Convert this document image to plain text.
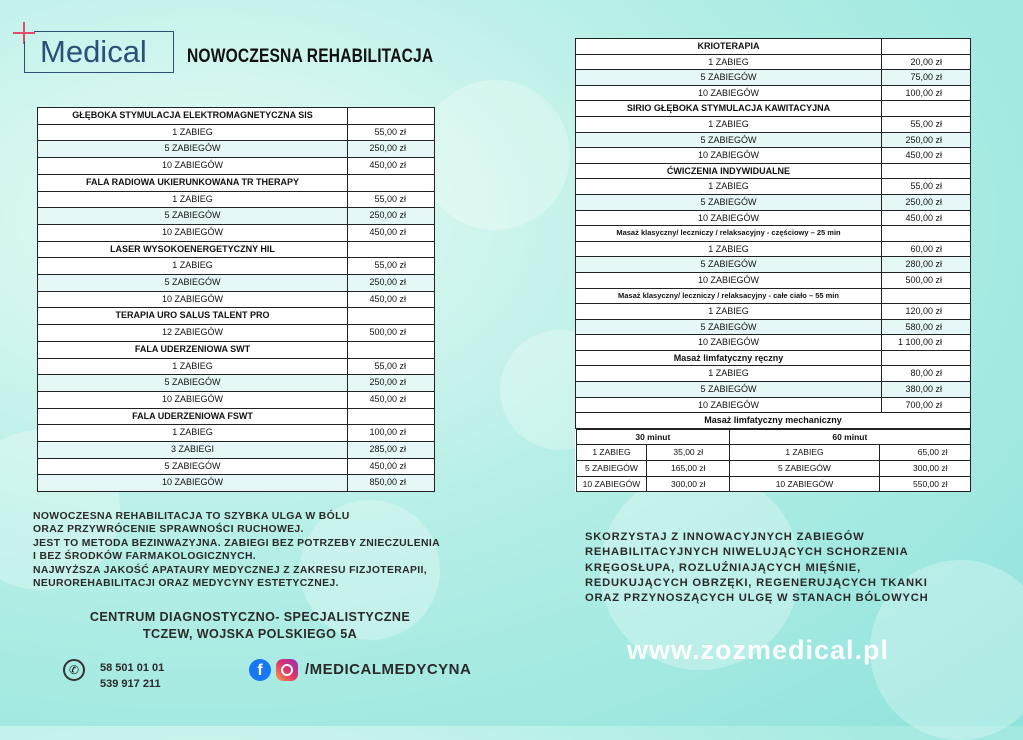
Medical NOWOCZESNA REHABILITACJA
GŁĘBOKA STYMULACJA ELEKTROMAGNETYCZNA SIS	
1 ZABIEG	55,00 zł
5 ZABIEGÓW	250,00 zł
10 ZABIEGÓW	450,00 zł
FALA RADIOWA UKIERUNKOWANA TR THERAPY	
1 ZABIEG	55,00 zł
5 ZABIEGÓW	250,00 zł
10 ZABIEGÓW	450,00 zł
LASER WYSOKOENERGETYCZNY HIL	
1 ZABIEG	55,00 zł
5 ZABIEGÓW	250,00 zł
10 ZABIEGÓW	450,00 zł
TERAPIA URO SALUS TALENT PRO	
12 ZABIEGÓW	500,00 zł
FALA UDERZENIOWA SWT	
1 ZABIEG	55,00 zł
5 ZABIEGÓW	250,00 zł
10 ZABIEGÓW	450,00 zł
FALA UDERZENIOWA FSWT	
1 ZABIEG	100,00 zł
3 ZABIEGI	285,00 zł
5 ZABIEGÓW	450,00 zł
10 ZABIEGÓW	850,00 zł
KRIOTERAPIA	
1 ZABIEG	20,00 zł
5 ZABIEGÓW	75,00 zł
10 ZABIEGÓW	100,00 zł
SIRIO GŁĘBOKA STYMULACJA KAWITACYJNA	
1 ZABIEG	55,00 zł
5 ZABIEGÓW	250,00 zł
10 ZABIEGÓW	450,00 zł
ĆWICZENIA INDYWIDUALNE	
1 ZABIEG	55,00 zł
5 ZABIEGÓW	250,00 zł
10 ZABIEGÓW	450,00 zł
Masaż klasyczny/ leczniczy / relaksacyjny - częściowy – 25 min	
1 ZABIEG	60,00 zł
5 ZABIEGÓW	280,00 zł
10 ZABIEGÓW	500,00 zł
Masaż klasyczny/ leczniczy / relaksacyjny - całe ciało – 55 min	
1 ZABIEG	120,00 zł
5 ZABIEGÓW	580,00 zł
10 ZABIEGÓW	1 100,00 zł
Masaż limfatyczny ręczny	
1 ZABIEG	80,00 zł
5 ZABIEGÓW	380,00 zł
10 ZABIEGÓW	700,00 zł
Masaż limfatyczny mechaniczny

30 minut	60 minut
1 ZABIEG	35,00 zł	1 ZABIEG	65,00 zł
5 ZABIEGÓW	165,00 zł	5 ZABIEGÓW	300,00 zł
10 ZABIEGÓW	300,00 zł	10 ZABIEGÓW	550,00 zł
NOWOCZESNA REHABILITACJA TO SZYBKA ULGA W BÓLU
ORAZ PRZYWRÓCENIE SPRAWNOŚCI RUCHOWEJ.
JEST TO METODA BEZINWAZYJNA. ZABIEGI BEZ POTRZEBY ZNIECZULENIA
I BEZ ŚRODKÓW FARMAKOLOGICZNYCH.
NAJWYŻSZA JAKOŚĆ APATAURY MEDYCZNEJ Z ZAKRESU FIZJOTERAPII,
NEUROREHABILITACJI ORAZ MEDYCYNY ESTETYCZNEJ.
CENTRUM DIAGNOSTYCZNO- SPECJALISTYCZNE
TCZEW, WOJSKA POLSKIEGO 5A
✆	58 501 01 01
539 917 211
f	/MEDICALMEDYCYNA
SKORZYSTAJ Z INNOWACYJNYCH ZABIEGÓW
REHABILITACYJNYCH NIWELUJĄCYCH SCHORZENIA
KRĘGOSŁUPA, ROZLUŹNIAJĄCYCH MIĘŚNIE,
REDUKUJĄCYCH OBRZĘKI, REGENERUJĄCYCH TKANKI
ORAZ PRZYNOSZĄCYCH ULGĘ W STANACH BÓLOWYCH
www.zozmedical.pl
